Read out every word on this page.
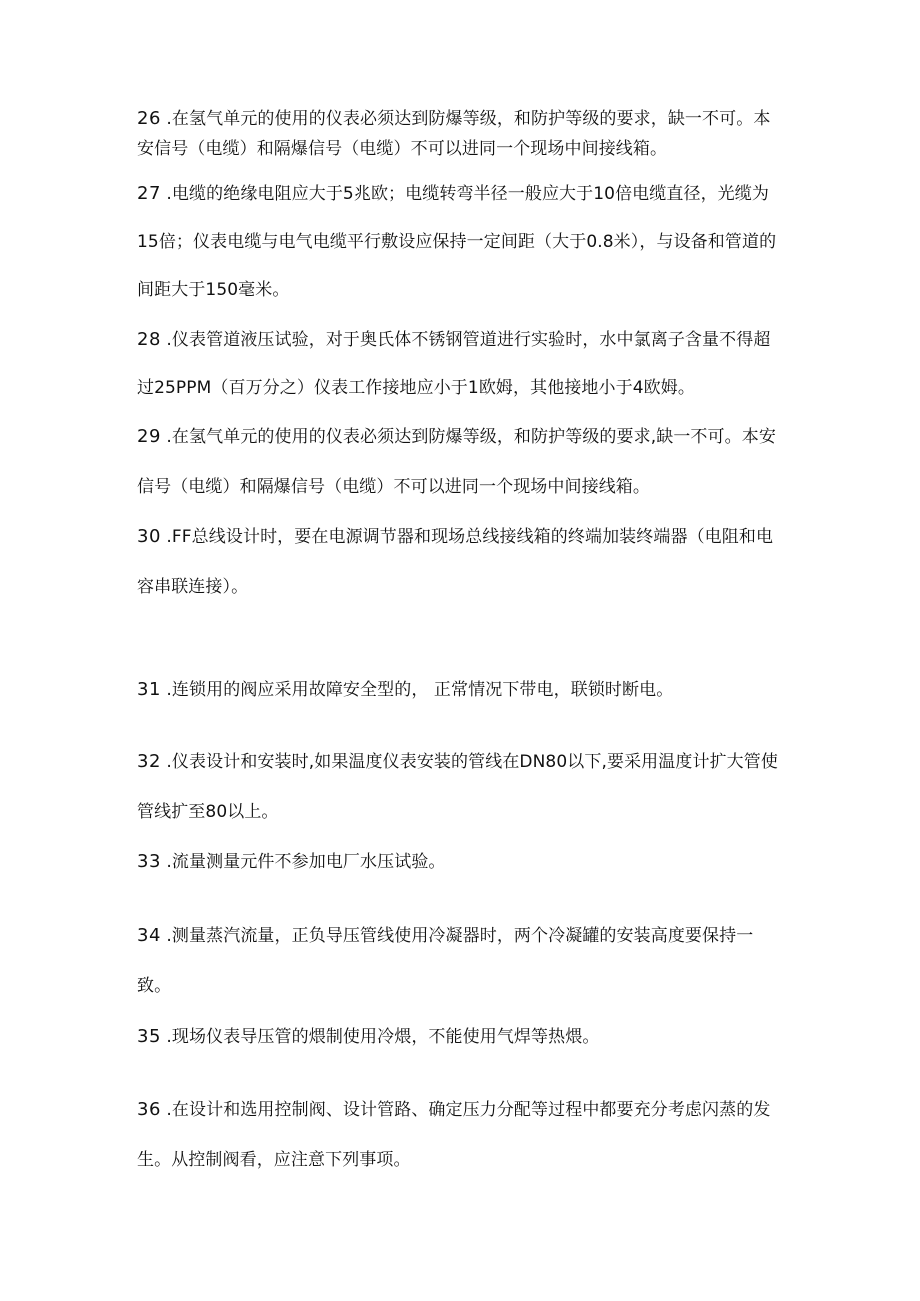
26 .在氢气单元的使用的仪表必须达到防爆等级，和防护等级的要求，缺一不可。本
安信号（电缆）和隔爆信号（电缆）不可以进同一个现场中间接线箱。
27 .电缆的绝缘电阻应大于5兆欧；电缆转弯半径一般应大于10倍电缆直径，光缆为
15倍；仪表电缆与电气电缆平行敷设应保持一定间距（大于0.8米），与设备和管道的
间距大于150毫米。
28 .仪表管道液压试验，对于奥氏体不锈钢管道进行实验时，水中氯离子含量不得超
过25PPM（百万分之）仪表工作接地应小于1欧姆，其他接地小于4欧姆。
29 .在氢气单元的使用的仪表必须达到防爆等级，和防护等级的要求,缺一不可。本安
信号（电缆）和隔爆信号（电缆）不可以进同一个现场中间接线箱。
30 .FF总线设计时，要在电源调节器和现场总线接线箱的终端加装终端器（电阻和电
容串联连接）。
31 .连锁用的阀应采用故障安全型的， 正常情况下带电，联锁时断电。
32 .仪表设计和安装时,如果温度仪表安装的管线在DN80以下,要采用温度计扩大管使
管线扩至80以上。
33 .流量测量元件不参加电厂水压试验。
34 .测量蒸汽流量，正负导压管线使用冷凝器时，两个冷凝罐的安装高度要保持一
致。
35 .现场仪表导压管的煨制使用冷煨，不能使用气焊等热煨。
36 .在设计和选用控制阀、设计管路、确定压力分配等过程中都要充分考虑闪蒸的发
生。从控制阀看，应注意下列事项。
